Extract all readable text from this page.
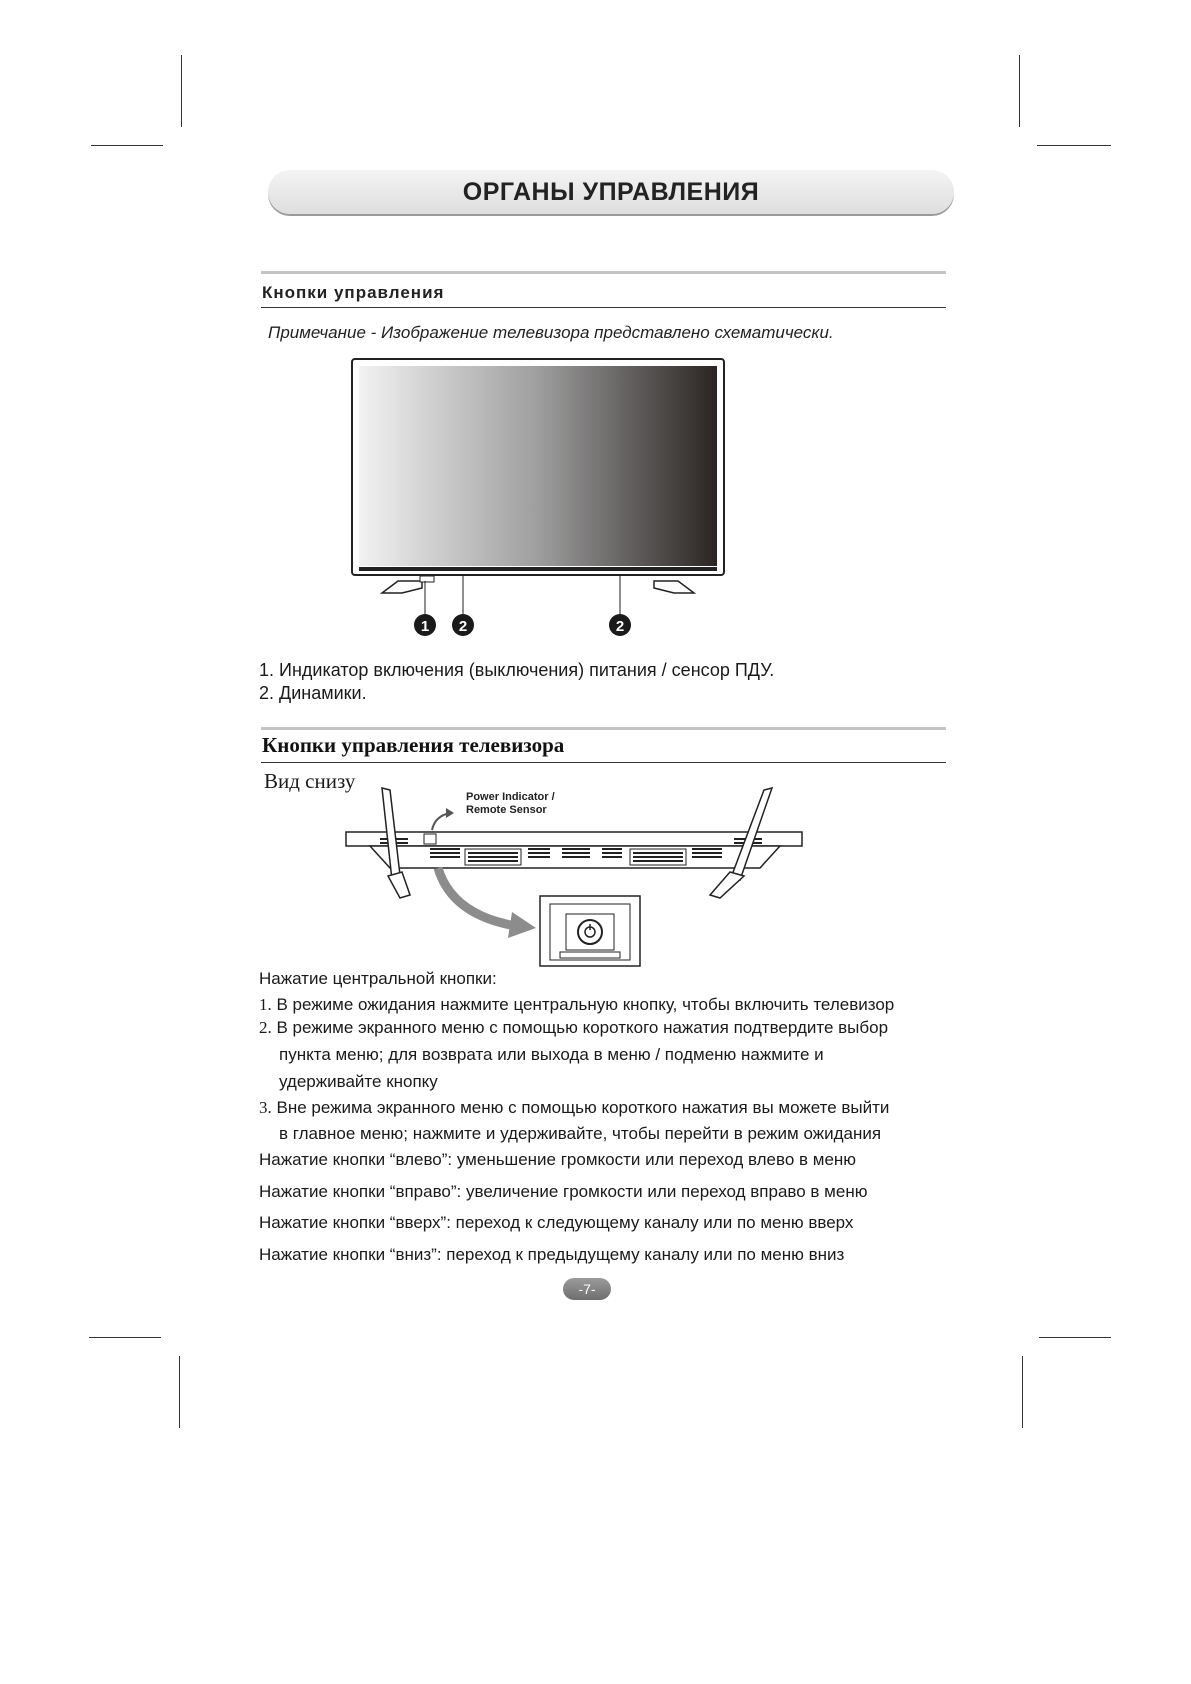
ОРГАНЫ УПРАВЛЕНИЯ
Кнопки управления
Примечание - Изображение телевизора представлено схематически.
1 2	2
1. Индикатор включения (выключения) питания / сенсор ПДУ.
2. Динамики.
Кнопки управления телевизора
Вид снизу
Power Indicator /
Remote Sensor
Нажатие центральной кнопки:
1. В режиме ожидания нажмите центральную кнопку, чтобы включить телевизор
2. В режиме экранного меню с помощью короткого нажатия подтвердите выбор
пункта меню; для возврата или выхода в меню / подменю нажмите и
удерживайте кнопку
3. Вне режима экранного меню с помощью короткого нажатия вы можете выйти
в главное меню; нажмите и удерживайте, чтобы перейти в режим ожидания
Нажатие кнопки “влево”: уменьшение громкости или переход влево в меню
Нажатие кнопки “вправо”: увеличение громкости или переход вправо в меню
Нажатие кнопки “вверх”: переход к следующему каналу или по меню вверх
Нажатие кнопки “вниз”: переход к предыдущему каналу или по меню вниз
-7-
